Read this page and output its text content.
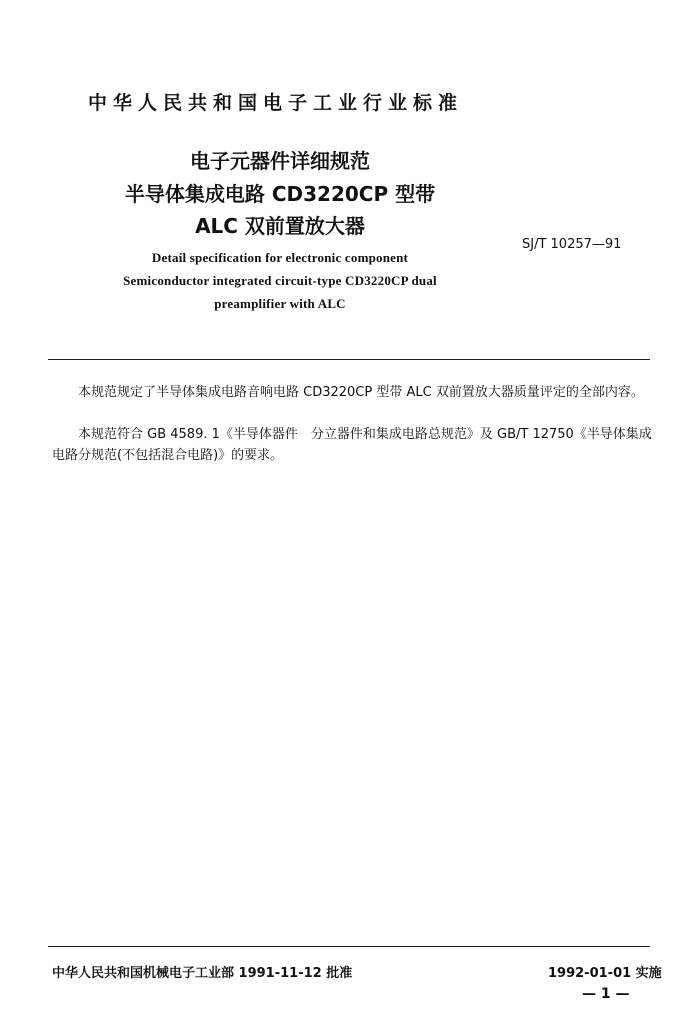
中华人民共和国电子工业行业标准
电子元器件详细规范
半导体集成电路 CD3220CP 型带
ALC 双前置放大器
SJ/T 10257—91
Detail specification for electronic component
Semiconductor integrated circuit-type CD3220CP dual
preamplifier with ALC

本规范规定了半导体集成电路音响电路 CD3220CP 型带 ALC 双前置放大器质量评定的全部内容。

本规范符合 GB 4589. 1《半导体器件　分立器件和集成电路总规范》及 GB/T 12750《半导体集成电路分规范(不包括混合电路)》的要求。

中华人民共和国机械电子工业部 1991-11-12 批准	1992-01-01 实施
— 1 —
